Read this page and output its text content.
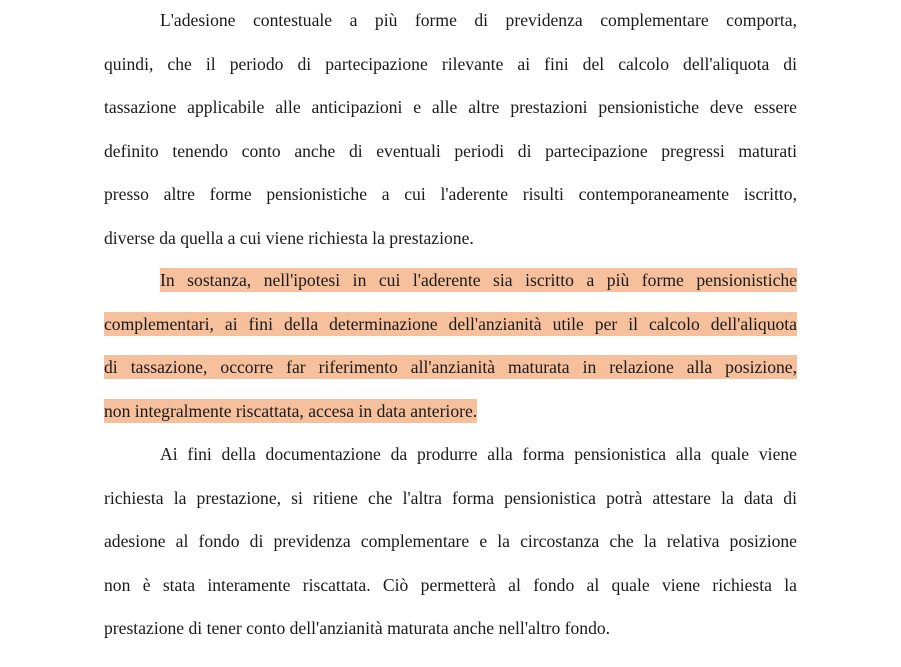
L'adesione contestuale a più forme di previdenza complementare comporta,
quindi, che il periodo di partecipazione rilevante ai fini del calcolo dell'aliquota di
tassazione applicabile alle anticipazioni e alle altre prestazioni pensionistiche deve essere
definito tenendo conto anche di eventuali periodi di partecipazione pregressi maturati
presso altre forme pensionistiche a cui l'aderente risulti contemporaneamente iscritto,
diverse da quella a cui viene richiesta la prestazione.
In sostanza, nell'ipotesi in cui l'aderente sia iscritto a più forme pensionistiche
complementari, ai fini della determinazione dell'anzianità utile per il calcolo dell'aliquota
di tassazione, occorre far riferimento all'anzianità maturata in relazione alla posizione,
non integralmente riscattata, accesa in data anteriore.
Ai fini della documentazione da produrre alla forma pensionistica alla quale viene
richiesta la prestazione, si ritiene che l'altra forma pensionistica potrà attestare la data di
adesione al fondo di previdenza complementare e la circostanza che la relativa posizione
non è stata interamente riscattata. Ciò permetterà al fondo al quale viene richiesta la
prestazione di tener conto dell'anzianità maturata anche nell'altro fondo.
